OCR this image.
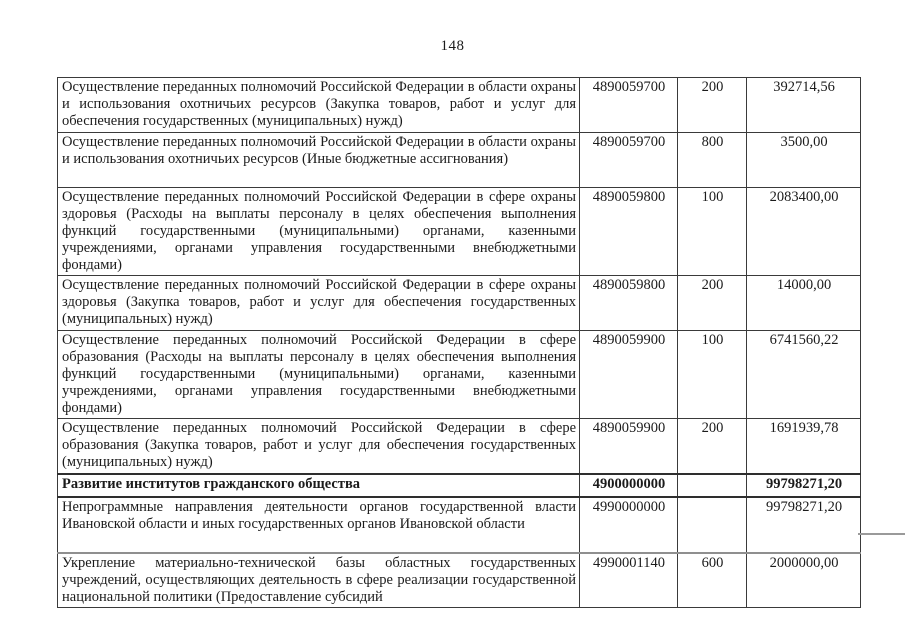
148
Осуществление переданных полномочий Российской Федерации в области охраны и использования охотничьих ресурсов (Закупка товаров, работ и услуг для обеспечения государственных (муниципальных) нужд)	4890059700	200	392714,56
Осуществление переданных полномочий Российской Федерации в области охраны и использования охотничьих ресурсов (Иные бюджетные ассигнования)	4890059700	800	3500,00
Осуществление переданных полномочий Российской Федерации в сфере охраны здоровья (Расходы на выплаты персоналу в целях обеспечения выполнения функций государственными (муниципальными) органами, казенными учреждениями, органами управления государственными внебюджетными фондами)	4890059800	100	2083400,00
Осуществление переданных полномочий Российской Федерации в сфере охраны здоровья (Закупка товаров, работ и услуг для обеспечения государственных (муниципальных) нужд)	4890059800	200	14000,00
Осуществление переданных полномочий Российской Федерации в сфере образования (Расходы на выплаты персоналу в целях обеспечения выполнения функций государственными (муниципальными) органами, казенными учреждениями, органами управления государственными внебюджетными фондами)	4890059900	100	6741560,22
Осуществление переданных полномочий Российской Федерации в сфере образования (Закупка товаров, работ и услуг для обеспечения государственных (муниципальных) нужд)	4890059900	200	1691939,78
Развитие институтов гражданского общества	4900000000		99798271,20
Непрограммные направления деятельности органов государственной власти Ивановской области и иных государственных органов Ивановской области	4990000000		99798271,20
Укрепление материально-технической базы областных государственных учреждений, осуществляющих деятельность в сфере реализации государственной национальной политики (Предоставление субсидий	4990001140	600	2000000,00
